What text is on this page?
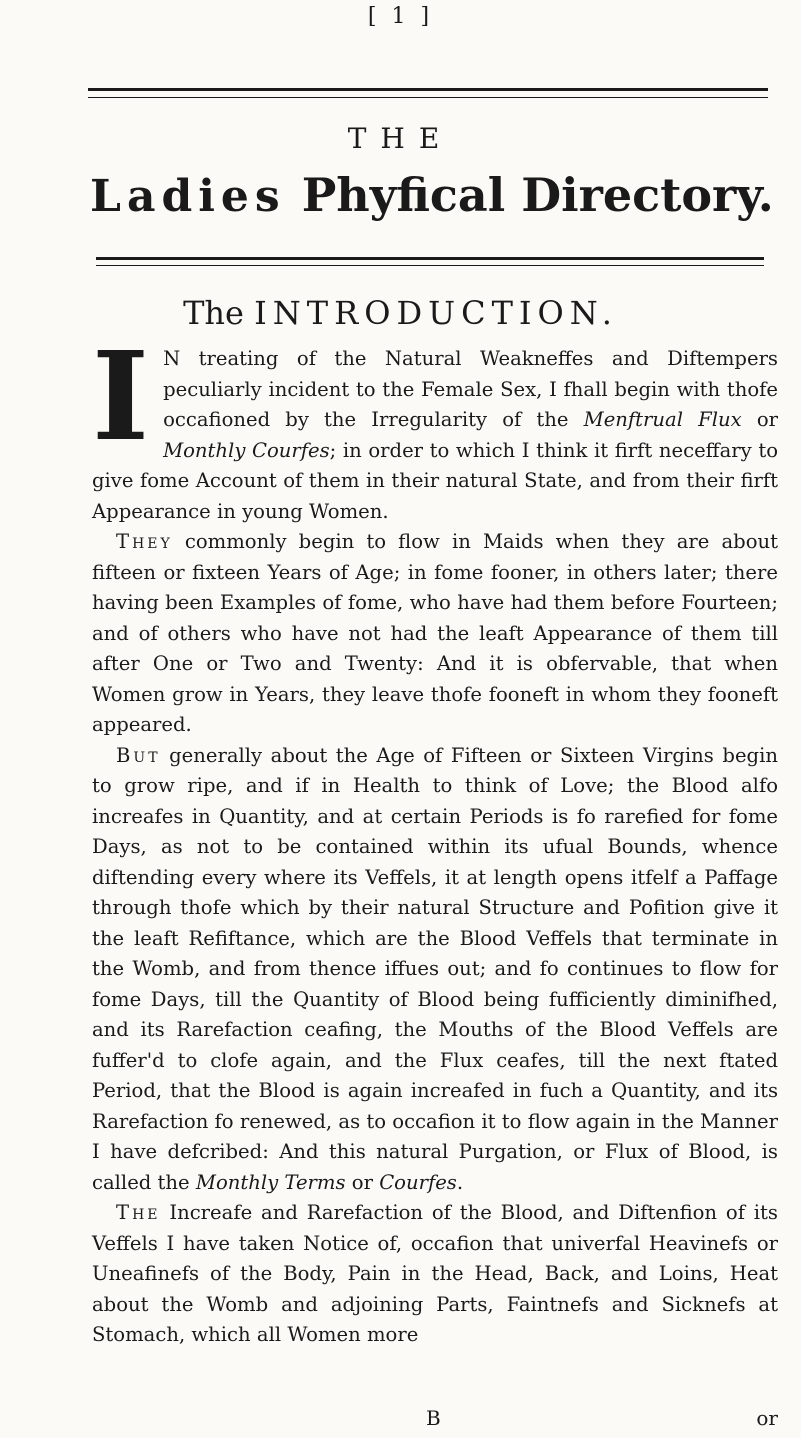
[ 1 ]
THE
Ladies Phyfical Directory.
The INTRODUCTION.

I N treating of the Natural Weakneffes and Diftempers peculiarly incident to the Female Sex, I fhall begin with thofe occafioned by the Irregularity of the Menftrual Flux or Monthly Courfes; in order to which I think it firft neceffary to give fome Account of them in their natural State, and from their firft Appearance in young Women.

They commonly begin to flow in Maids when they are about fifteen or fixteen Years of Age; in fome fooner, in others later; there having been Examples of fome, who have had them before Fourteen; and of others who have not had the leaft Appearance of them till after One or Two and Twenty: And it is obfervable, that when Women grow in Years, they leave thofe fooneft in whom they fooneft appeared.

But generally about the Age of Fifteen or Sixteen Virgins begin to grow ripe, and if in Health to think of Love; the Blood alfo increafes in Quantity, and at certain Periods is fo rarefied for fome Days, as not to be contained within its ufual Bounds, whence diftending every where its Veffels, it at length opens itfelf a Paffage through thofe which by their natural Structure and Pofition give it the leaft Refiftance, which are the Blood Veffels that terminate in the Womb, and from thence iffues out; and fo continues to flow for fome Days, till the Quantity of Blood being fufficiently diminifhed, and its Rarefaction ceafing, the Mouths of the Blood Veffels are fuffer'd to clofe again, and the Flux ceafes, till the next ftated Period, that the Blood is again increafed in fuch a Quantity, and its Rarefaction fo renewed, as to occafion it to flow again in the Manner I have defcribed: And this natural Purgation, or Flux of Blood, is called the Monthly Terms or Courfes.

The Increafe and Rarefaction of the Blood, and Diftenfion of its Veffels I have taken Notice of, occafion that univerfal Heavinefs or Uneafinefs of the Body, Pain in the Head, Back, and Loins, Heat about the Womb and adjoining Parts, Faintnefs and Sicknefs at Stomach, which all Women more

B	or
